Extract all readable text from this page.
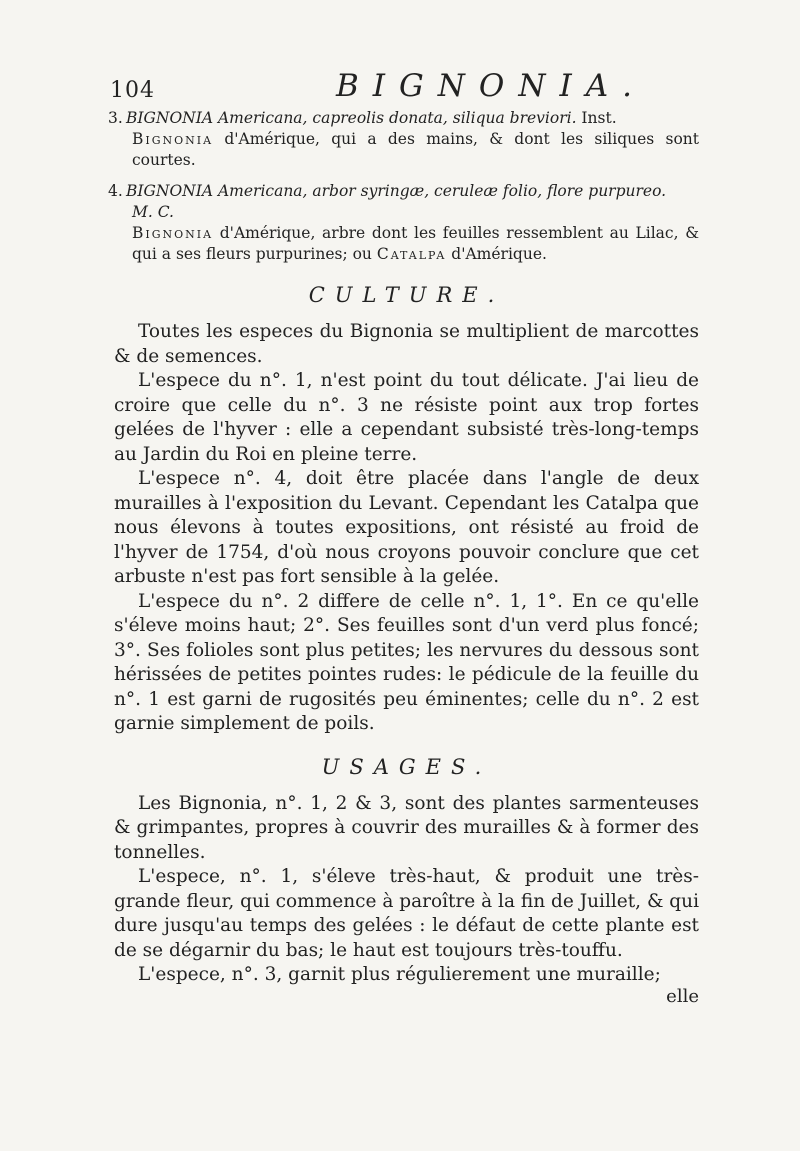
104	BIGNONIA.
3. BIGNONIA Americana, capreolis donata, siliqua breviori. Inst.
Bignonia d'Amérique, qui a des mains, & dont les siliques sont courtes.
4. BIGNONIA Americana, arbor syringæ, ceruleæ folio, flore purpureo.
M. C.
Bignonia d'Amérique, arbre dont les feuilles ressemblent au Lilac, & qui a ses fleurs purpurines; ou Catalpa d'Amérique.
CULTURE.

Toutes les especes du Bignonia se multiplient de marcottes & de semences.

L'espece du n°. 1, n'est point du tout délicate. J'ai lieu de croire que celle du n°. 3 ne résiste point aux trop fortes gelées de l'hyver : elle a cependant subsisté très-long-temps au Jardin du Roi en pleine terre.

L'espece n°. 4, doit être placée dans l'angle de deux murailles à l'exposition du Levant. Cependant les Catalpa que nous élevons à toutes expositions, ont résisté au froid de l'hyver de 1754, d'où nous croyons pouvoir conclure que cet arbuste n'est pas fort sensible à la gelée.

L'espece du n°. 2 differe de celle n°. 1, 1°. En ce qu'elle s'éleve moins haut; 2°. Ses feuilles sont d'un verd plus foncé; 3°. Ses folioles sont plus petites; les nervures du dessous sont hérissées de petites pointes rudes: le pédicule de la feuille du n°. 1 est garni de rugosités peu éminentes; celle du n°. 2 est garnie simplement de poils.

USAGES.

Les Bignonia, n°. 1, 2 & 3, sont des plantes sarmenteuses & grimpantes, propres à couvrir des murailles & à former des tonnelles.

L'espece, n°. 1, s'éleve très-haut, & produit une très-grande fleur, qui commence à paroître à la fin de Juillet, & qui dure jusqu'au temps des gelées : le défaut de cette plante est de se dégarnir du bas; le haut est toujours très-touffu.

L'espece, n°. 3, garnit plus régulierement une muraille;

elle
